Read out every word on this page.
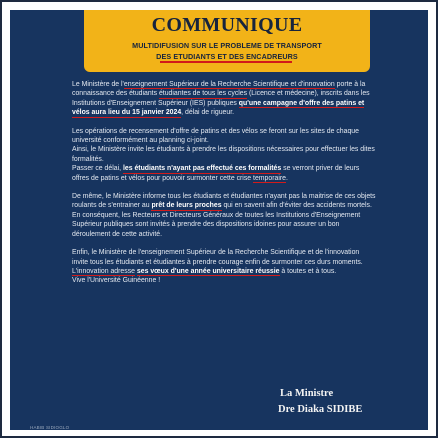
COMMUNIQUE
MULTIDIFUSION SUR LE PROBLEME DE TRANSPORT
DES ETUDIANTS ET DES ENCADREURS

Le Ministère de l'enseignement Supérieur de la Recherche Scientifique et d'innovation porte à la connaissance des étudiants étudiantes de tous les cycles (Licence et médecine), inscrits dans les Institutions d'Enseignement Supérieur (IES) publiques qu'une campagne d'offre des patins et vélos aura lieu du 15 janvier 2024, délai de rigueur.

Les opérations de recensement d'offre de patins et des vélos se feront sur les sites de chaque université conformément au planning ci-joint.
Ainsi, le Ministère invite les étudiants à prendre les dispositions nécessaires pour effectuer les dites formalités.
Passer ce délai, les étudiants n'ayant pas effectué ces formalités se verront priver de leurs offres de patins et vélos pour pouvoir surmonter cette crise temporaire.

De même, le Ministère informe tous les étudiants et étudiantes n'ayant pas la maitrise de ces objets roulants de s'entrainer au prêt de leurs proches qui en savent afin d'éviter des accidents mortels.
En conséquent, les Recteurs et Directeurs Généraux de toutes les Institutions d'Enseignement Supérieur publiques sont invités à prendre des dispositions idoines pour assurer un bon déroulement de cette activité.

Enfin, le Ministère de l'enseignement Supérieur de la Recherche Scientifique et de l'innovation invite tous les étudiants et étudiantes à prendre courage enfin de surmonter ces durs moments.
L'innovation adresse ses vœux d'une année universitaire réussie à toutes et à tous.
Vive l'Université Guinéenne !

La Ministre
Dre Diaka SIDIBE
HABIB SIDIOGLO
